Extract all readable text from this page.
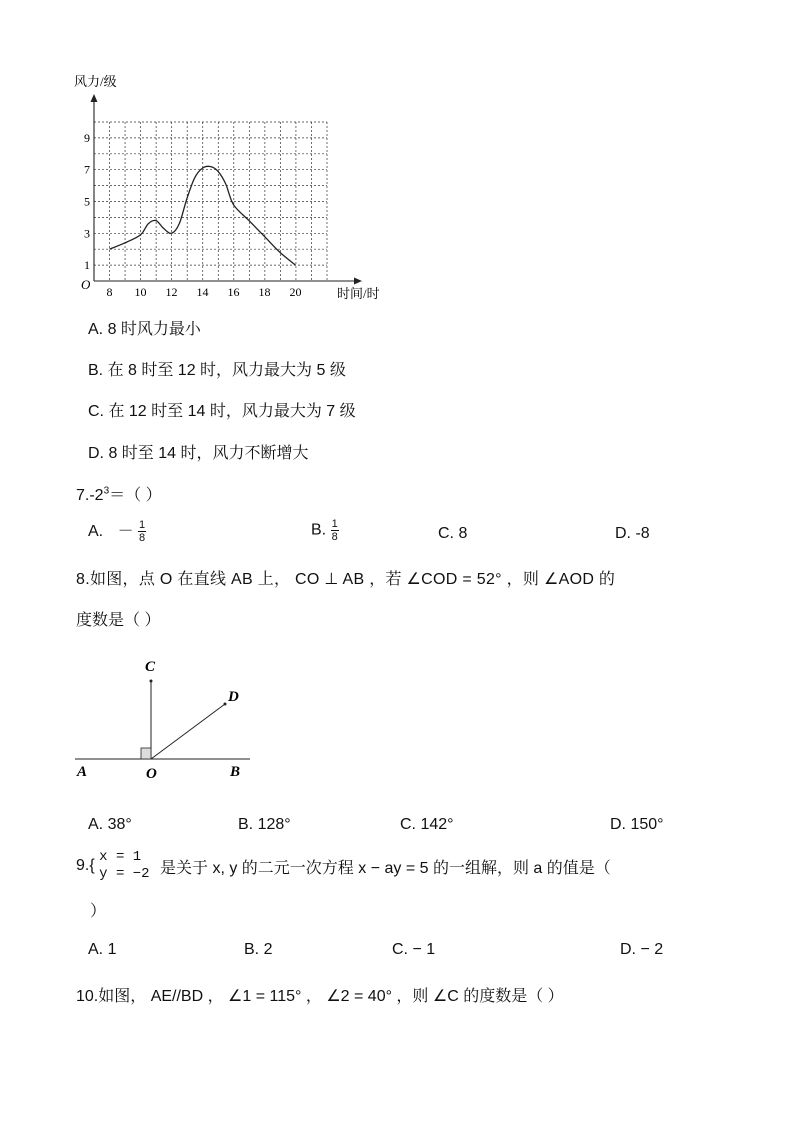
8 10 12 14 16 18 20
1
3
5
7
9
风力/级
时间/时
O
A. 8 时风力最小
B. 在 8 时至 12 时，风力最大为 5 级
C. 在 12 时至 14 时，风力最大为 7 级
D. 8 时至 14 时，风力不断增大
$7.-2^3=$（ ）
A. － $\frac{1}{8}$	B. $\frac{1}{8}$	C. 8	D. -8
8.如图，点 O 在直线 AB 上， CO ⊥ AB ，若 ∠COD = 52° ，则 ∠AOD 的
度数是（ ）
C
D
A	O	B
A. 38°	B. 128°	C. 142°	D. 150°
9.{ x = 1
y = −2 是关于 x, y 的二元一次方程 x − ay = 5 的一组解，则 a 的值是（
）
A. 1	B. 2	C. − 1	D. − 2
10.如图， AE//BD ， ∠1 = 115° ， ∠2 = 40° ，则 ∠C 的度数是（ ）
